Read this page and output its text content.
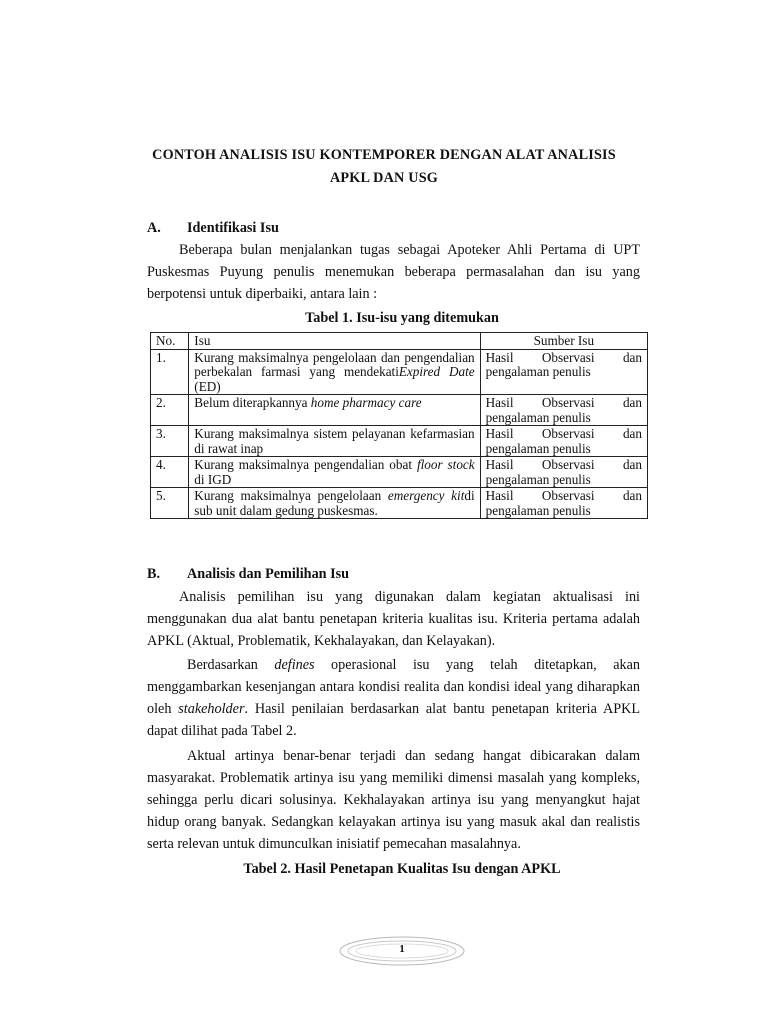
CONTOH ANALISIS ISU KONTEMPORER DENGAN ALAT ANALISIS
APKL DAN USG
A. Identifikasi Isu
Beberapa bulan menjalankan tugas sebagai Apoteker Ahli Pertama di UPT Puskesmas Puyung penulis menemukan beberapa permasalahan dan isu yang berpotensi untuk diperbaiki, antara lain :
Tabel 1. Isu-isu yang ditemukan
No.	Isu	Sumber Isu
1.	Kurang maksimalnya pengelolaan dan pengendalian perbekalan farmasi yang mendekatiExpired Date (ED)	Hasil Observasi dan
pengalaman penulis

2.	Belum diterapkannya home pharmacy care	Hasil Observasi dan
pengalaman penulis

3.	Kurang maksimalnya sistem pelayanan kefarmasian di rawat inap	Hasil Observasi dan
pengalaman penulis

4.	Kurang maksimalnya pengendalian obat floor stock di IGD	Hasil Observasi dan
pengalaman penulis

5.	Kurang maksimalnya pengelolaan emergency kitdi sub unit dalam gedung puskesmas.	Hasil Observasi dan
pengalaman penulis
B. Analisis dan Pemilihan Isu
Analisis pemilihan isu yang digunakan dalam kegiatan aktualisasi ini menggunakan dua alat bantu penetapan kriteria kualitas isu. Kriteria pertama adalah APKL (Aktual, Problematik, Kekhalayakan, dan Kelayakan).
Berdasarkan defines operasional isu yang telah ditetapkan, akan menggambarkan kesenjangan antara kondisi realita dan kondisi ideal yang diharapkan oleh stakeholder. Hasil penilaian berdasarkan alat bantu penetapan kriteria APKL dapat dilihat pada Tabel 2.
Aktual artinya benar-benar terjadi dan sedang hangat dibicarakan dalam masyarakat. Problematik artinya isu yang memiliki dimensi masalah yang kompleks, sehingga perlu dicari solusinya. Kekhalayakan artinya isu yang menyangkut hajat hidup orang banyak. Sedangkan kelayakan artinya isu yang masuk akal dan realistis serta relevan untuk dimunculkan inisiatif pemecahan masalahnya.
Tabel 2. Hasil Penetapan Kualitas Isu dengan APKL
1
